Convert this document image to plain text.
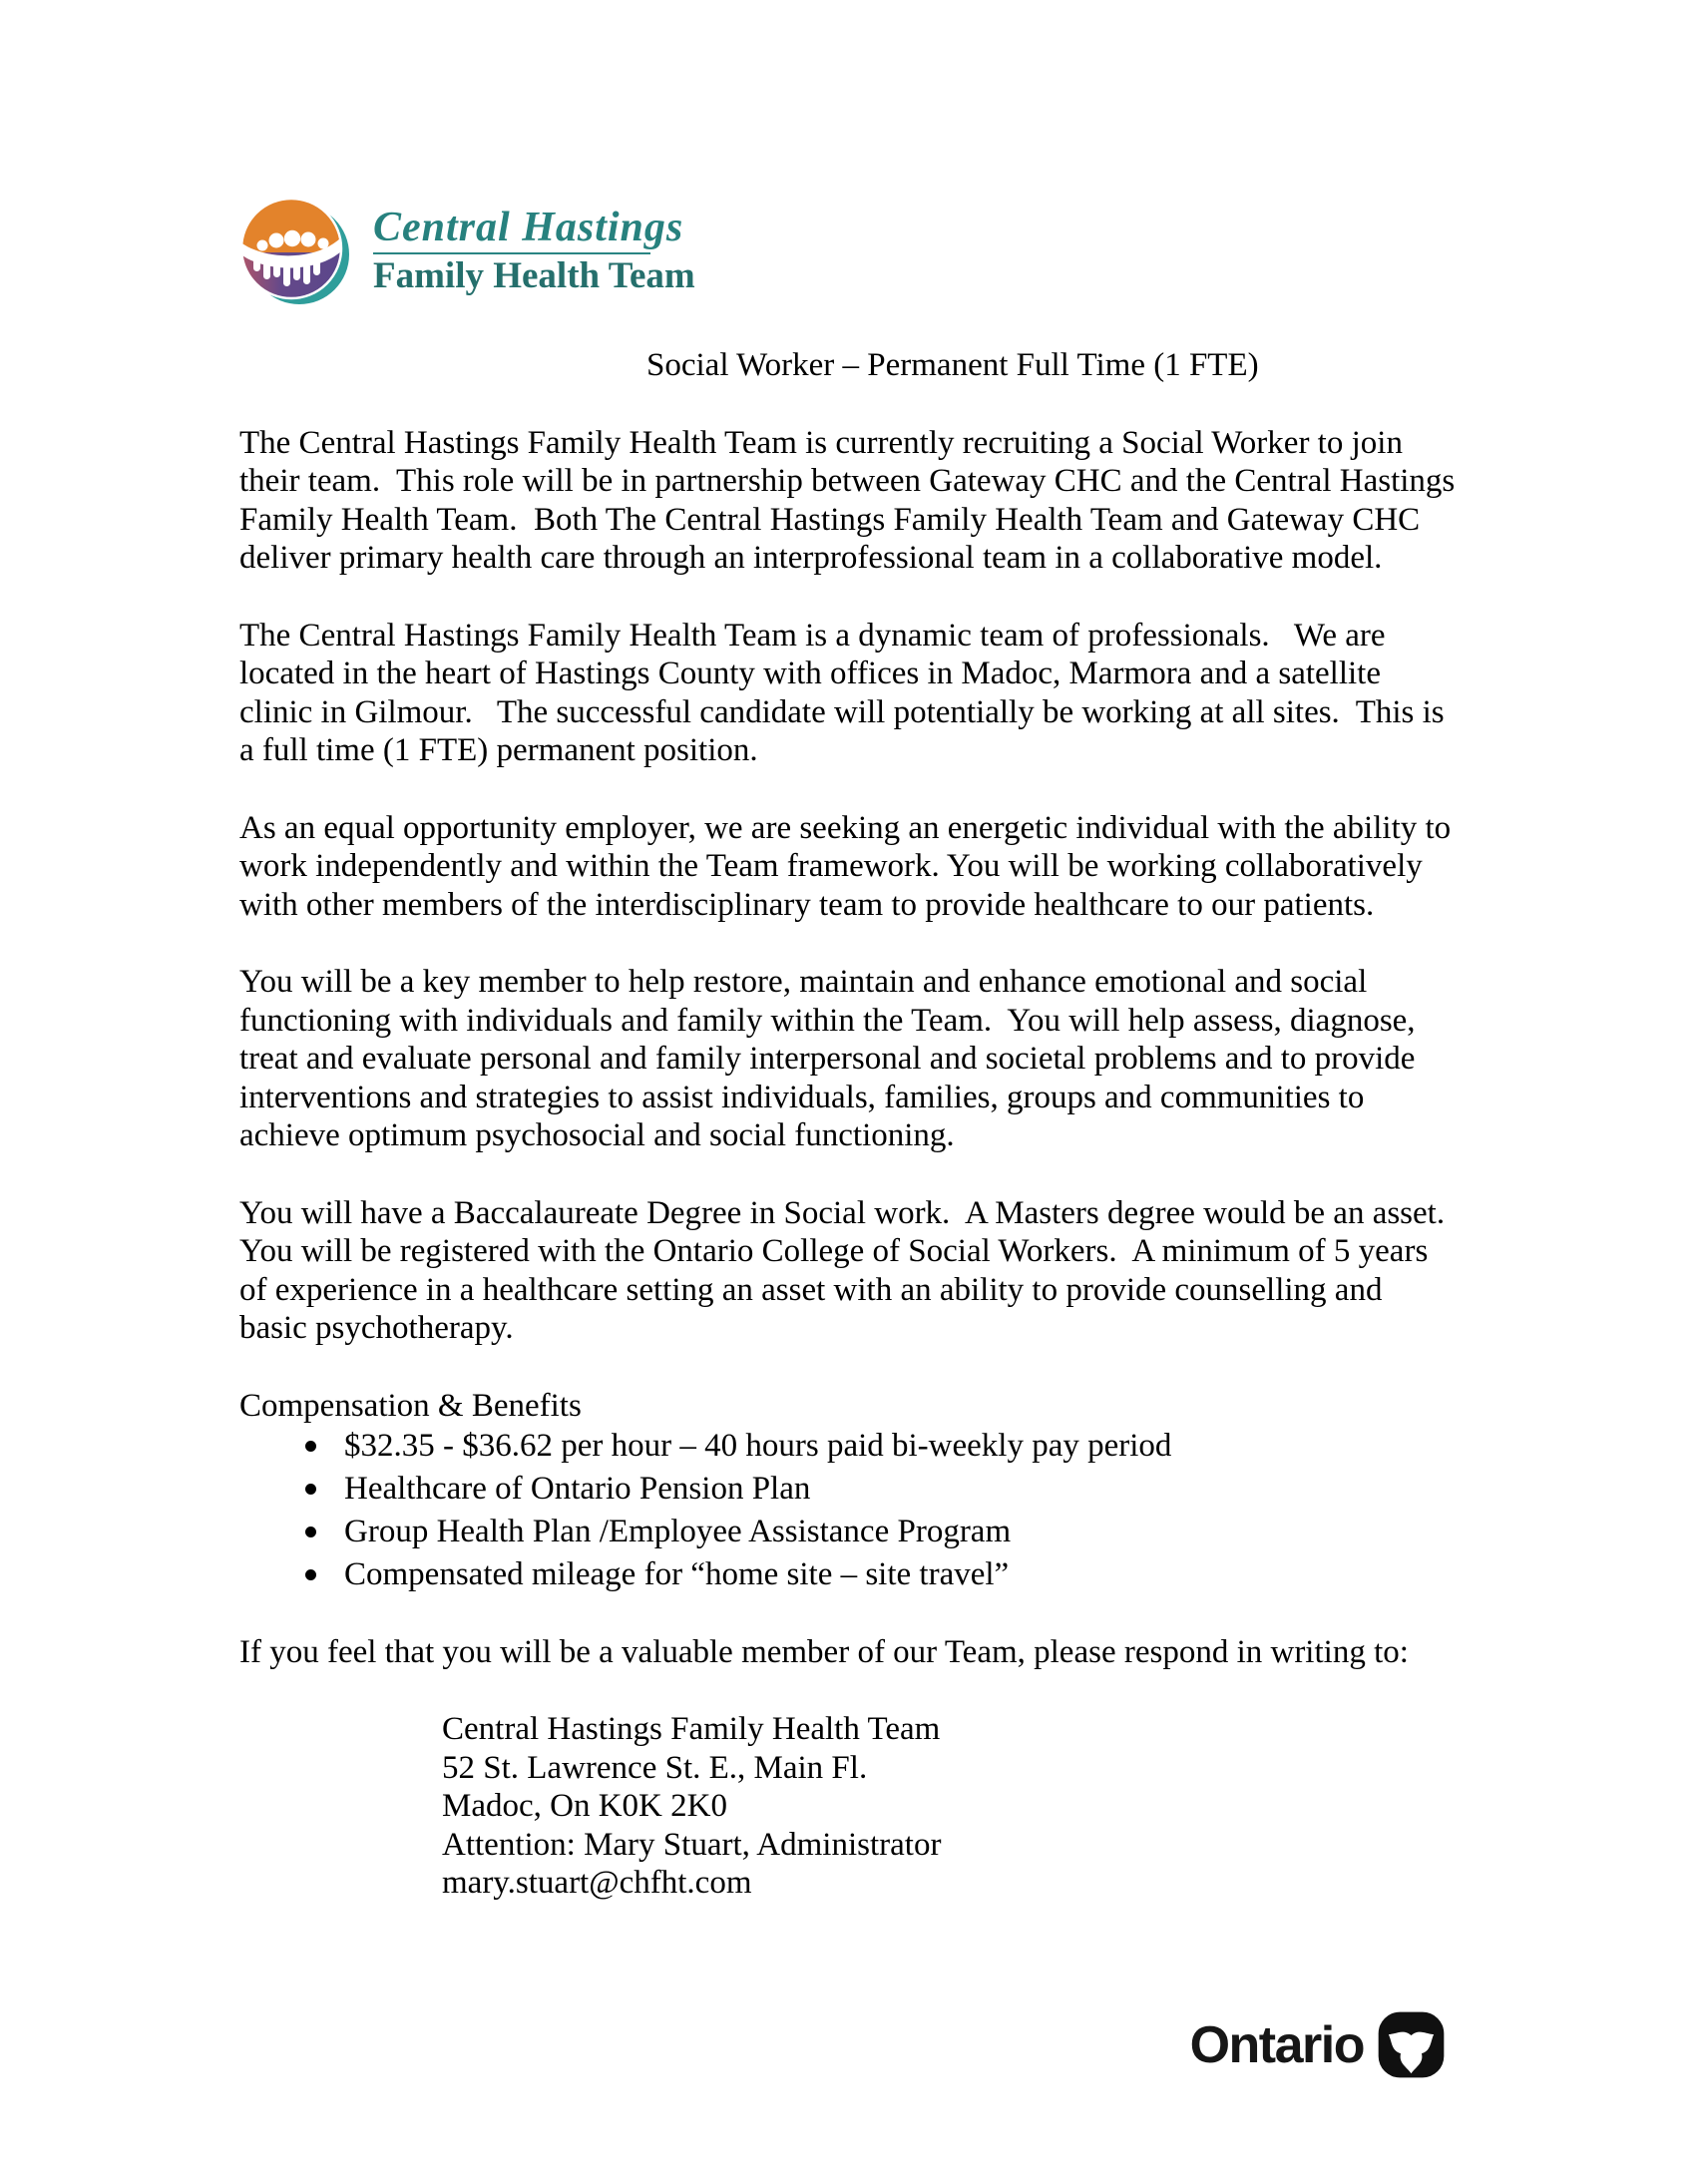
Central Hastings
Family Health Team
Social Worker – Permanent Full Time (1 FTE)

The Central Hastings Family Health Team is currently recruiting a Social Worker to join their team.  This role will be in partnership between Gateway CHC and the Central Hastings Family Health Team.  Both The Central Hastings Family Health Team and Gateway CHC deliver primary health care through an interprofessional team in a collaborative model.

The Central Hastings Family Health Team is a dynamic team of professionals.   We are located in the heart of Hastings County with offices in Madoc, Marmora and a satellite clinic in Gilmour.   The successful candidate will potentially be working at all sites.  This is a full time (1 FTE) permanent position.

As an equal opportunity employer, we are seeking an energetic individual with the ability to work independently and within the Team framework. You will be working collaboratively with other members of the interdisciplinary team to provide healthcare to our patients.

You will be a key member to help restore, maintain and enhance emotional and social functioning with individuals and family within the Team.  You will help assess, diagnose, treat and evaluate personal and family interpersonal and societal problems and to provide interventions and strategies to assist individuals, families, groups and communities to achieve optimum psychosocial and social functioning.

You will have a Baccalaureate Degree in Social work.  A Masters degree would be an asset.  You will be registered with the Ontario College of Social Workers.  A minimum of 5 years of experience in a healthcare setting an asset with an ability to provide counselling and basic psychotherapy.

Compensation & Benefits
$32.35 - $36.62 per hour – 40 hours paid bi-weekly pay period
Healthcare of Ontario Pension Plan
Group Health Plan /Employee Assistance Program
Compensated mileage for “home site – site travel”
If you feel that you will be a valuable member of our Team, please respond in writing to:
Central Hastings Family Health Team
52 St. Lawrence St. E., Main Fl.
Madoc, On K0K 2K0
Attention: Mary Stuart, Administrator
mary.stuart@chfht.com
Ontario
